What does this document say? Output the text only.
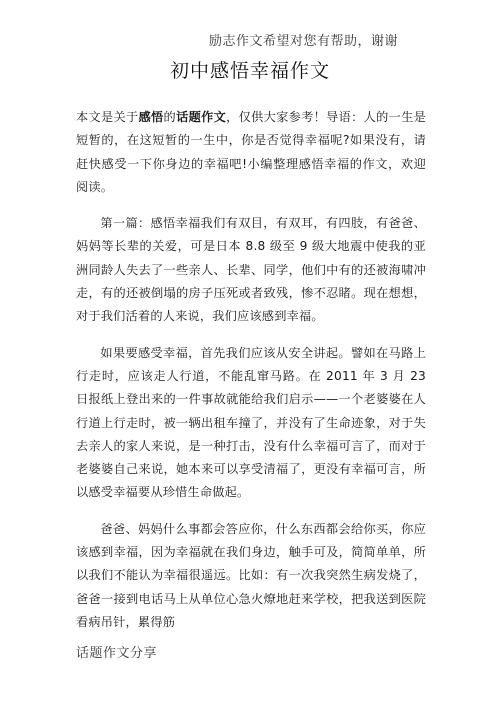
励志作文希望对您有帮助，谢谢
初中感悟幸福作文

本文是关于感悟的话题作文，仅供大家参考！导语：人的一生是短暂的，在这短暂的一生中，你是否觉得幸福呢?如果没有，请赶快感受一下你身边的幸福吧!小编整理感悟幸福的作文，欢迎阅读。

第一篇：感悟幸福我们有双目，有双耳，有四肢，有爸爸、妈妈等长辈的关爱，可是日本 8.8 级至 9 级大地震中使我的亚洲同龄人失去了一些亲人、长辈、同学，他们中有的还被海啸冲走，有的还被倒塌的房子压死或者致残，惨不忍睹。现在想想，对于我们活着的人来说，我们应该感到幸福。

如果要感受幸福，首先我们应该从安全讲起。譬如在马路上行走时，应该走人行道，不能乱窜马路。在 2011 年 3 月 23 日报纸上登出来的一件事故就能给我们启示——一个老婆婆在人行道上行走时，被一辆出租车撞了，并没有了生命迹象，对于失去亲人的家人来说，是一种打击，没有什么幸福可言了，而对于老婆婆自己来说，她本来可以享受清福了，更没有幸福可言，所以感受幸福要从珍惜生命做起。

爸爸、妈妈什么事都会答应你，什么东西都会给你买，你应该感到幸福，因为幸福就在我们身边，触手可及，简简单单，所以我们不能认为幸福很遥远。比如：有一次我突然生病发烧了，爸爸一接到电话马上从单位心急火燎地赶来学校，把我送到医院看病吊针，累得筋

话题作文分享
